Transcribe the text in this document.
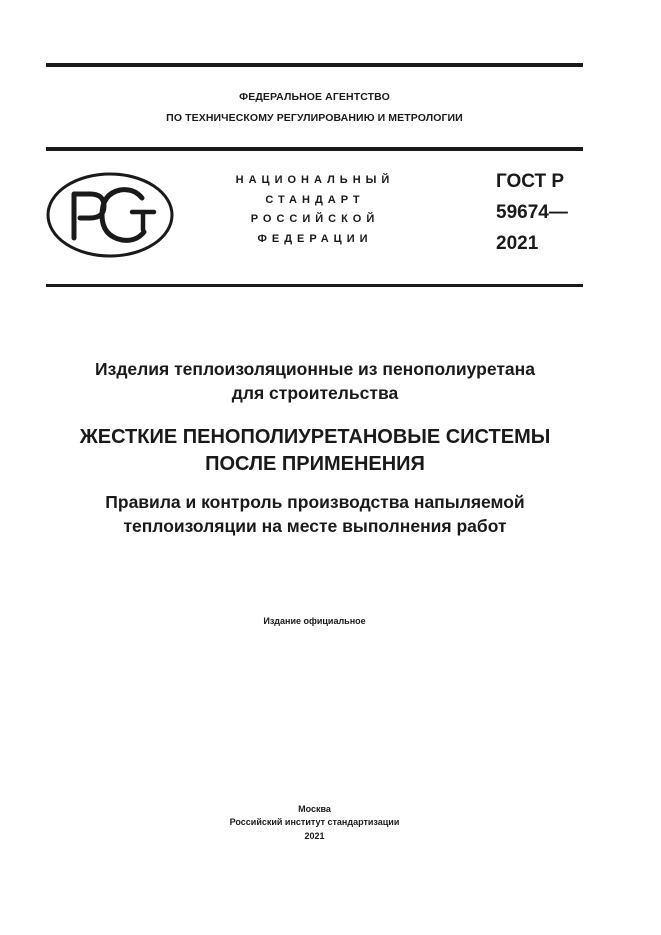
ФЕДЕРАЛЬНОЕ АГЕНТСТВО
ПО ТЕХНИЧЕСКОМУ РЕГУЛИРОВАНИЮ И МЕТРОЛОГИИ
НАЦИОНАЛЬНЫЙ
СТАНДАРТ
РОССИЙСКОЙ
ФЕДЕРАЦИИ
ГОСТ Р
59674—
2021
Изделия теплоизоляционные из пенополиуретана
для строительства
ЖЕСТКИЕ ПЕНОПОЛИУРЕТАНОВЫЕ СИСТЕМЫ
ПОСЛЕ ПРИМЕНЕНИЯ
Правила и контроль производства напыляемой
теплоизоляции на месте выполнения работ
Издание официальное
Москва
Российский институт стандартизации
2021
